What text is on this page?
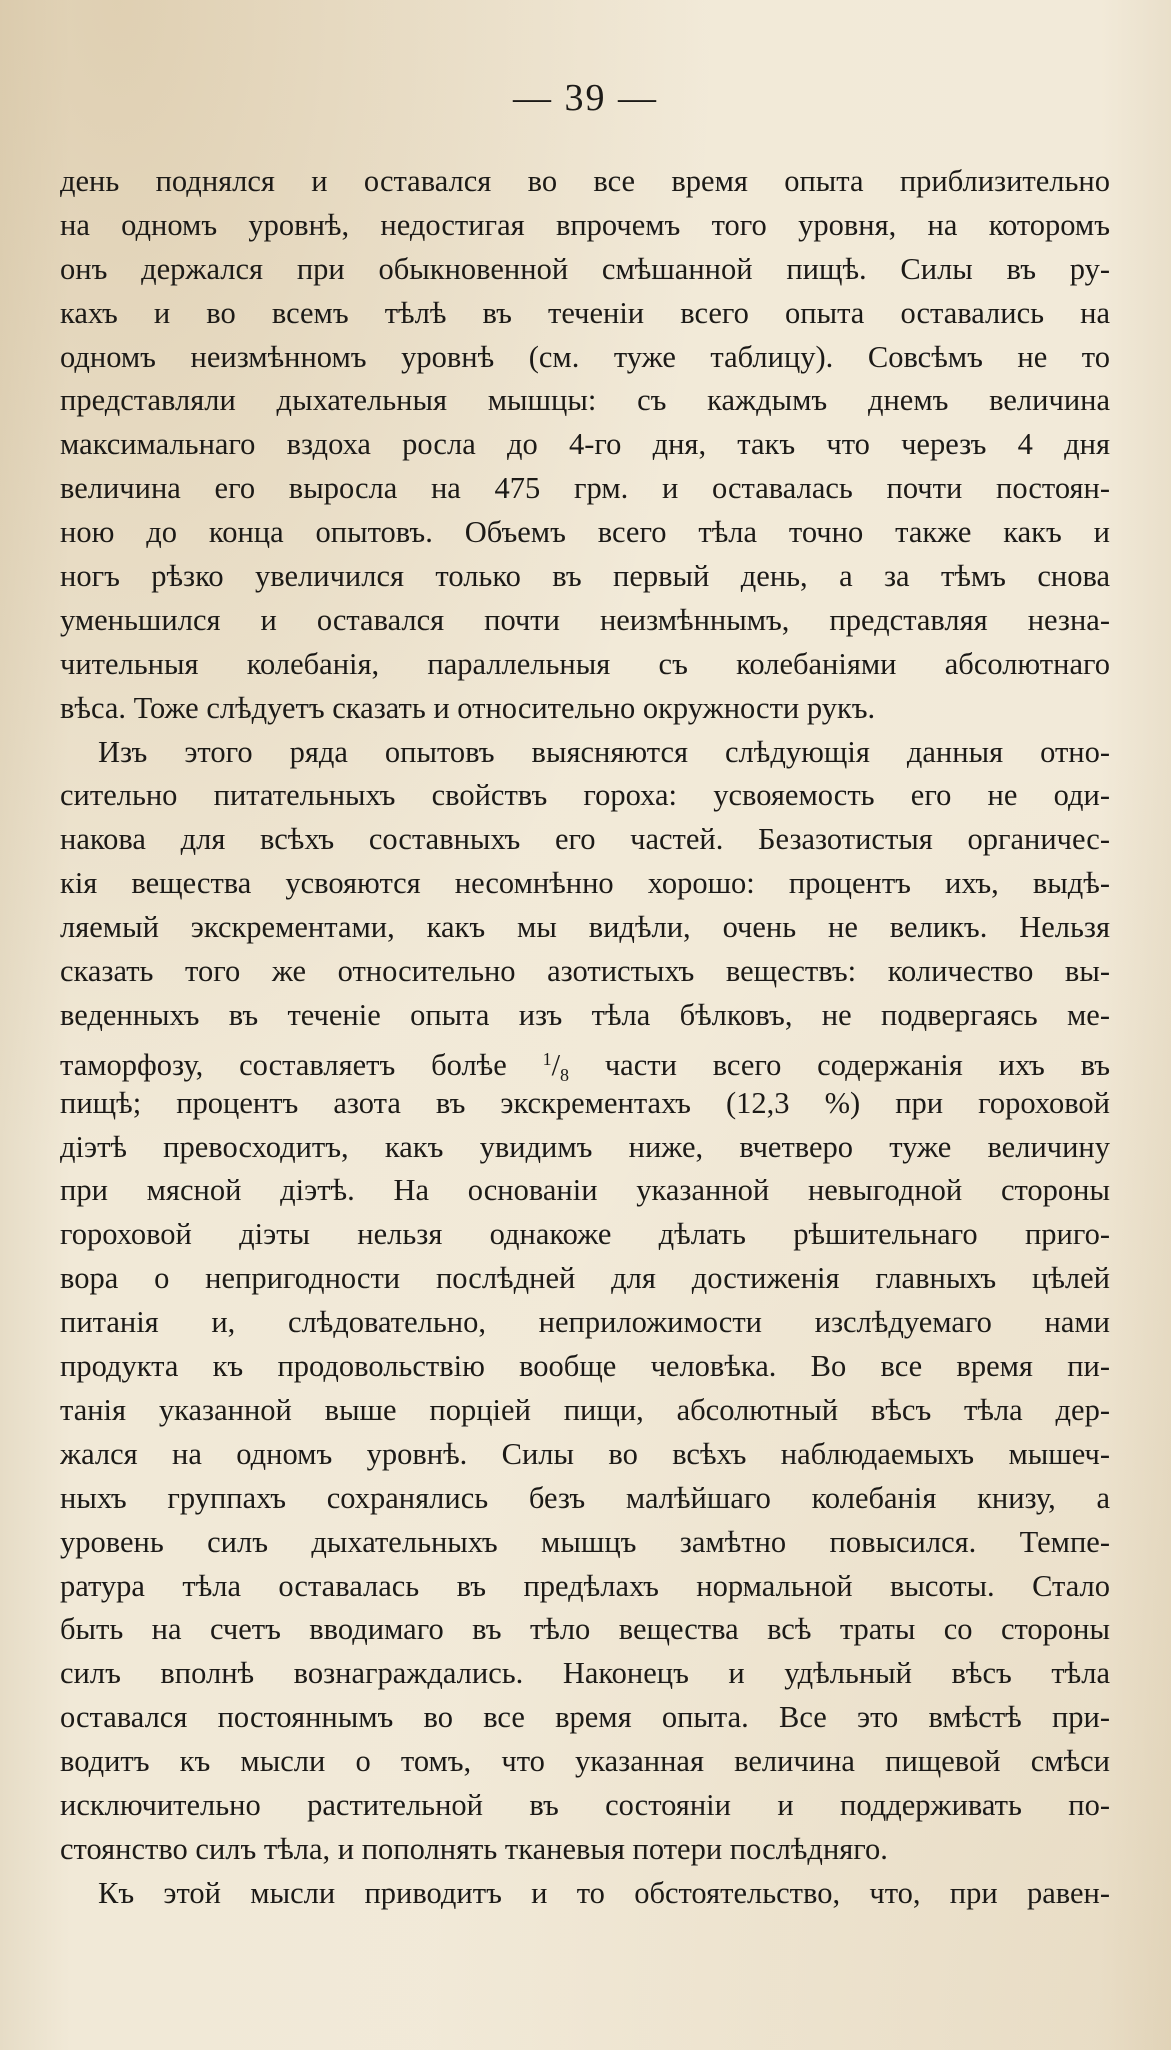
— 39 —
день поднялся и оставался во все время опыта приблизительно
на одномъ уровнѣ, недостигая впрочемъ того уровня, на которомъ
онъ держался при обыкновенной смѣшанной пищѣ. Силы въ ру-
кахъ и во всемъ тѣлѣ въ теченіи всего опыта оставались на
одномъ неизмѣнномъ уровнѣ (см. туже таблицу). Совсѣмъ не то
представляли дыхательныя мышцы: съ каждымъ днемъ величина
максимальнаго вздоха росла до 4-го дня, такъ что черезъ 4 дня
величина его выросла на 475 грм. и оставалась почти постоян-
ною до конца опытовъ. Объемъ всего тѣла точно также какъ и
ногъ рѣзко увеличился только въ первый день, а за тѣмъ снова
уменьшился и оставался почти неизмѣннымъ, представляя незна-
чительныя колебанія, параллельныя съ колебаніями абсолютнаго
вѣса. Тоже слѣдуетъ сказать и относительно окружности рукъ.
Изъ этого ряда опытовъ выясняются слѣдующія данныя отно-
сительно питательныхъ свойствъ гороха: усвояемость его не оди-
накова для всѣхъ составныхъ его частей. Безазотистыя органичес-
кія вещества усвояются несомнѣнно хорошо: процентъ ихъ, выдѣ-
ляемый экскрементами, какъ мы видѣли, очень не великъ. Нельзя
сказать того же относительно азотистыхъ веществъ: количество вы-
веденныхъ въ теченіе опыта изъ тѣла бѣлковъ, не подвергаясь ме-
таморфозу, составляетъ болѣе $^1/_8$ части всего содержанія ихъ въ
пищѣ; процентъ азота въ экскрементахъ (12,3 %) при гороховой
діэтѣ превосходитъ, какъ увидимъ ниже, вчетверо туже величину
при мясной діэтѣ. На основаніи указанной невыгодной стороны
гороховой діэты нельзя однакоже дѣлать рѣшительнаго приго-
вора о непригодности послѣдней для достиженія главныхъ цѣлей
питанія и, слѣдовательно, неприложимости изслѣдуемаго нами
продукта къ продовольствію вообще человѣка. Во все время пи-
танія указанной выше порціей пищи, абсолютный вѣсъ тѣла дер-
жался на одномъ уровнѣ. Силы во всѣхъ наблюдаемыхъ мышеч-
ныхъ группахъ сохранялись безъ малѣйшаго колебанія книзу, а
уровень силъ дыхательныхъ мышцъ замѣтно повысился. Темпе-
ратура тѣла оставалась въ предѣлахъ нормальной высоты. Стало
быть на счетъ вводимаго въ тѣло вещества всѣ траты со стороны
силъ вполнѣ вознаграждались. Наконецъ и удѣльный вѣсъ тѣла
оставался постояннымъ во все время опыта. Все это вмѣстѣ при-
водитъ къ мысли о томъ, что указанная величина пищевой смѣси
исключительно растительной въ состояніи и поддерживать по-
стоянство силъ тѣла, и пополнять тканевыя потери послѣдняго.
Къ этой мысли приводитъ и то обстоятельство, что, при равен-
